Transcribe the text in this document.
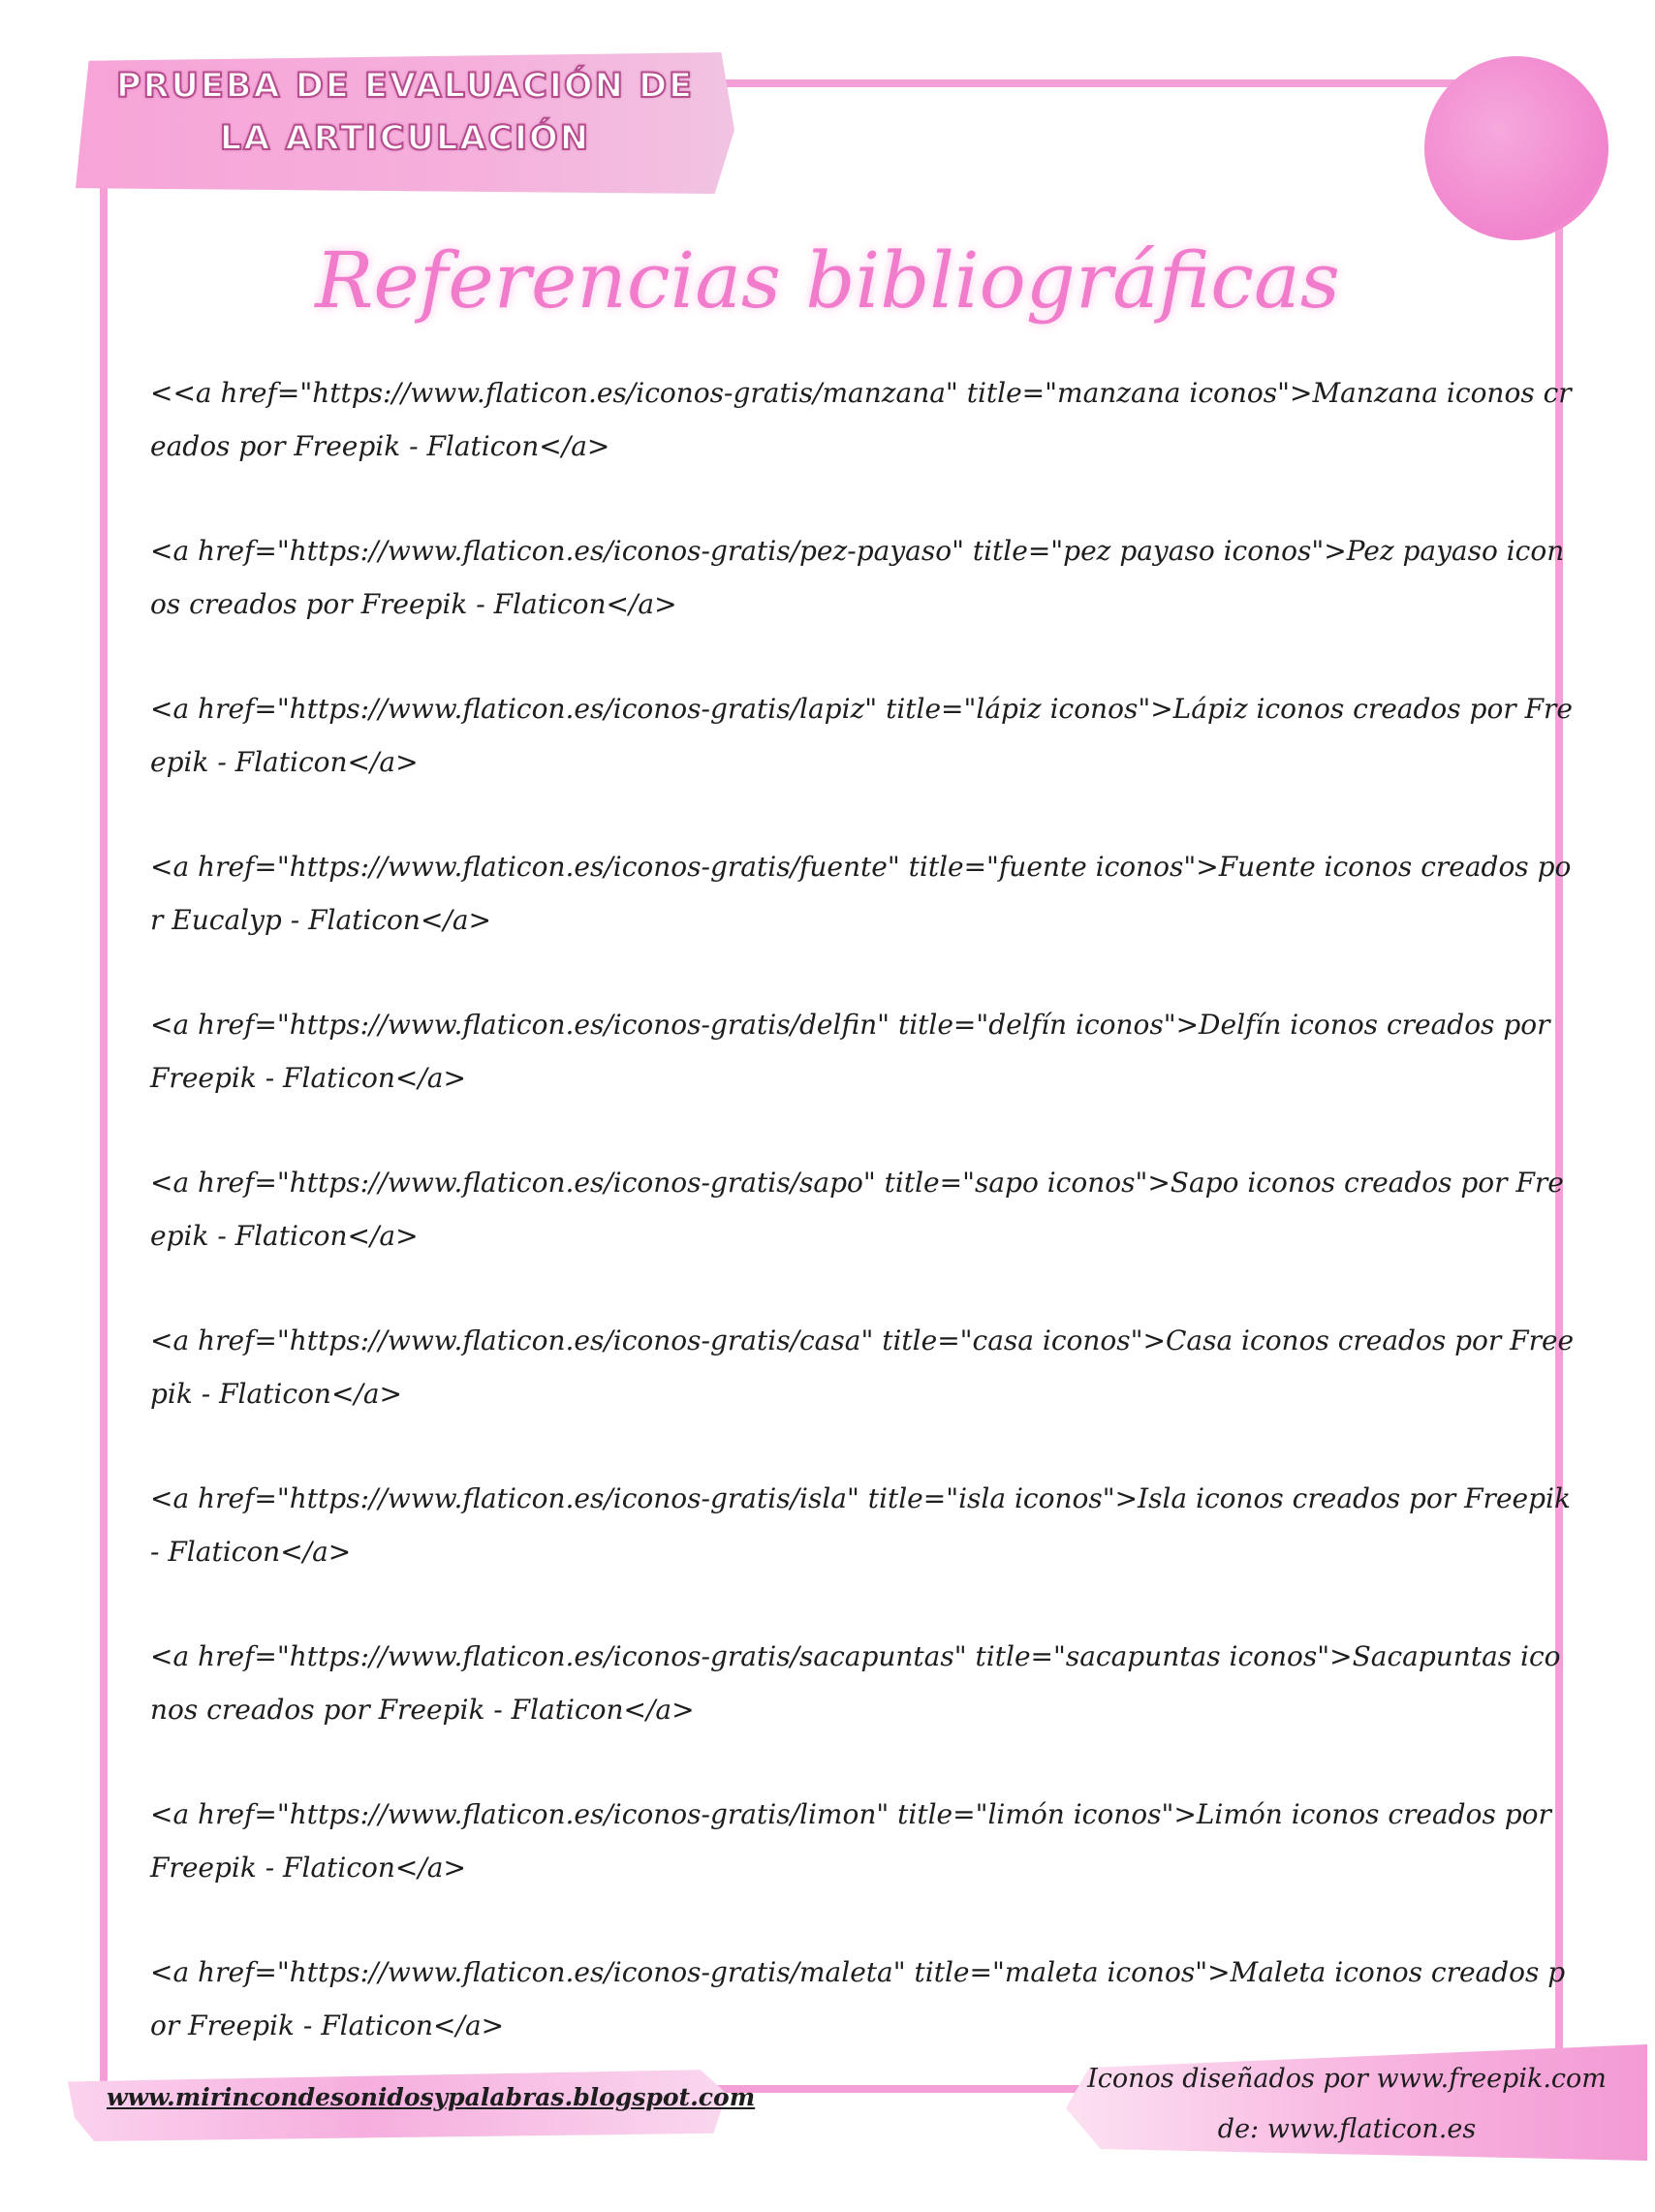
PRUEBA DE EVALUACIÓN DE
LA ARTICULACIÓN
Referencias bibliográficas
<<a href="https://www.flaticon.es/iconos-gratis/manzana" title="manzana iconos">Manzana iconos creados por Freepik - Flaticon</a>
<a href="https://www.flaticon.es/iconos-gratis/pez-payaso" title="pez payaso iconos">Pez payaso iconos creados por Freepik - Flaticon</a>
<a href="https://www.flaticon.es/iconos-gratis/lapiz" title="lápiz iconos">Lápiz iconos creados por Freepik - Flaticon</a>
<a href="https://www.flaticon.es/iconos-gratis/fuente" title="fuente iconos">Fuente iconos creados por Eucalyp - Flaticon</a>
<a href="https://www.flaticon.es/iconos-gratis/delfin" title="delfín iconos">Delfín iconos creados por Freepik - Flaticon</a>
<a href="https://www.flaticon.es/iconos-gratis/sapo" title="sapo iconos">Sapo iconos creados por Freepik - Flaticon</a>
<a href="https://www.flaticon.es/iconos-gratis/casa" title="casa iconos">Casa iconos creados por Freepik - Flaticon</a>
<a href="https://www.flaticon.es/iconos-gratis/isla" title="isla iconos">Isla iconos creados por Freepik - Flaticon</a>
<a href="https://www.flaticon.es/iconos-gratis/sacapuntas" title="sacapuntas iconos">Sacapuntas iconos creados por Freepik - Flaticon</a>
<a href="https://www.flaticon.es/iconos-gratis/limon" title="limón iconos">Limón iconos creados por Freepik - Flaticon</a>
<a href="https://www.flaticon.es/iconos-gratis/maleta" title="maleta iconos">Maleta iconos creados por Freepik - Flaticon</a>
www.mirincondesonidosypalabras.blogspot.com
Iconos diseñados por www.freepik.com
de: www.flaticon.es
